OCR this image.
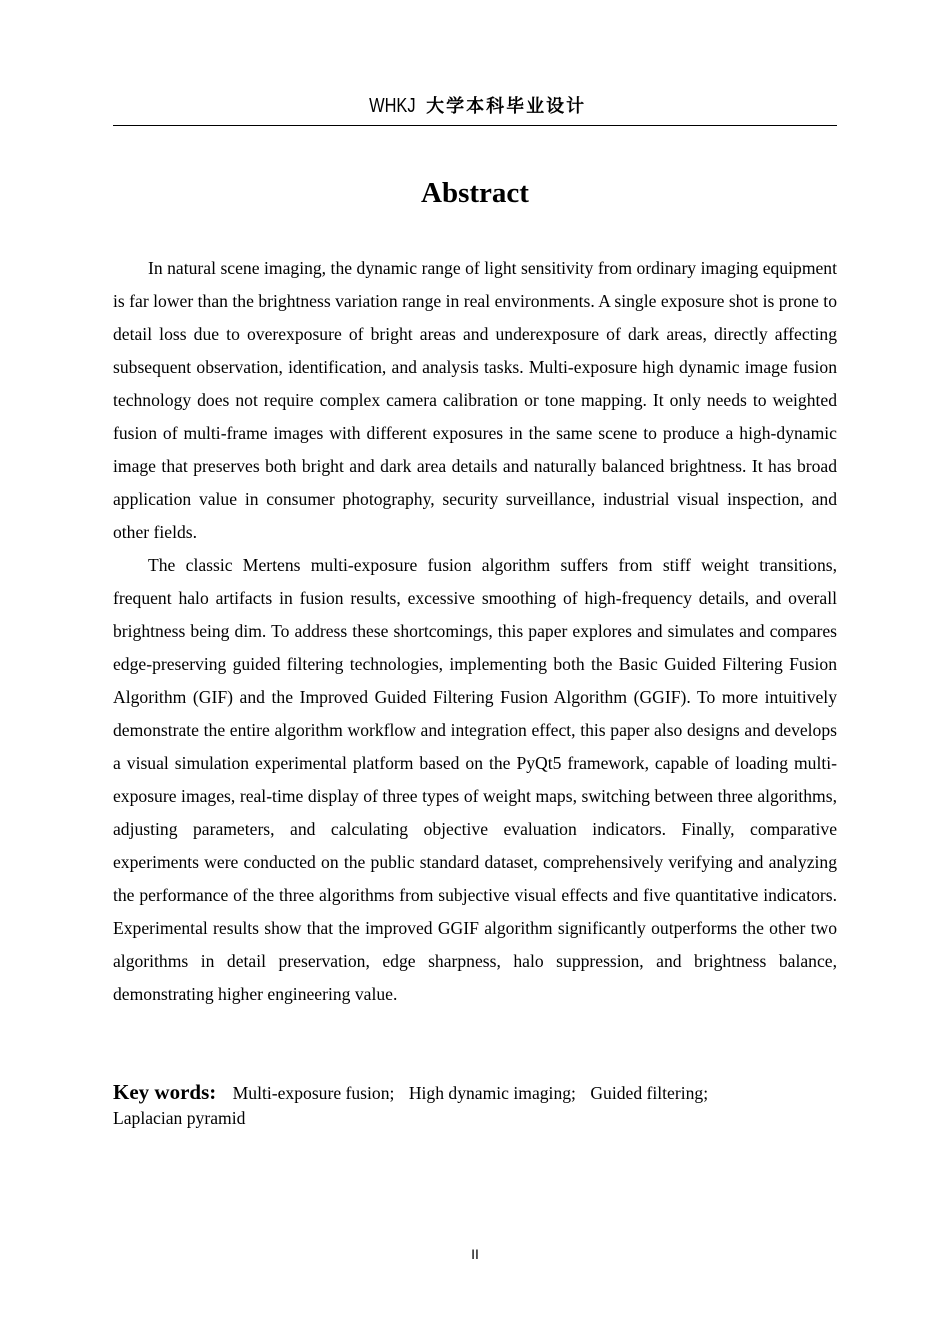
WHKJ 大学本科毕业设计
Abstract

In natural scene imaging, the dynamic range of light sensitivity from ordinary imaging equipment is far lower than the brightness variation range in real environments. A single exposure shot is prone to detail loss due to overexposure of bright areas and underexposure of dark areas, directly affecting subsequent observation, identification, and analysis tasks. Multi-exposure high dynamic image fusion technology does not require complex camera calibration or tone mapping. It only needs to weighted fusion of multi-frame images with different exposures in the same scene to produce a high-dynamic image that preserves both bright and dark area details and naturally balanced brightness. It has broad application value in consumer photography, security surveillance, industrial visual inspection, and other fields.

The classic Mertens multi-exposure fusion algorithm suffers from stiff weight transitions, frequent halo artifacts in fusion results, excessive smoothing of high-frequency details, and overall brightness being dim. To address these shortcomings, this paper explores and simulates and compares edge-preserving guided filtering technologies, implementing both the Basic Guided Filtering Fusion Algorithm (GIF) and the Improved Guided Filtering Fusion Algorithm (GGIF). To more intuitively demonstrate the entire algorithm workflow and integration effect, this paper also designs and develops a visual simulation experimental platform based on the PyQt5 framework, capable of loading multi-exposure images, real-time display of three types of weight maps, switching between three algorithms, adjusting parameters, and calculating objective evaluation indicators. Finally, comparative experiments were conducted on the public standard dataset, comprehensively verifying and analyzing the performance of the three algorithms from subjective visual effects and five quantitative indicators. Experimental results show that the improved GGIF algorithm significantly outperforms the other two algorithms in detail preservation, edge sharpness, halo suppression, and brightness balance, demonstrating higher engineering value.

Key words: Multi-exposure fusion; High dynamic imaging; Guided filtering;
Laplacian pyramid
II
